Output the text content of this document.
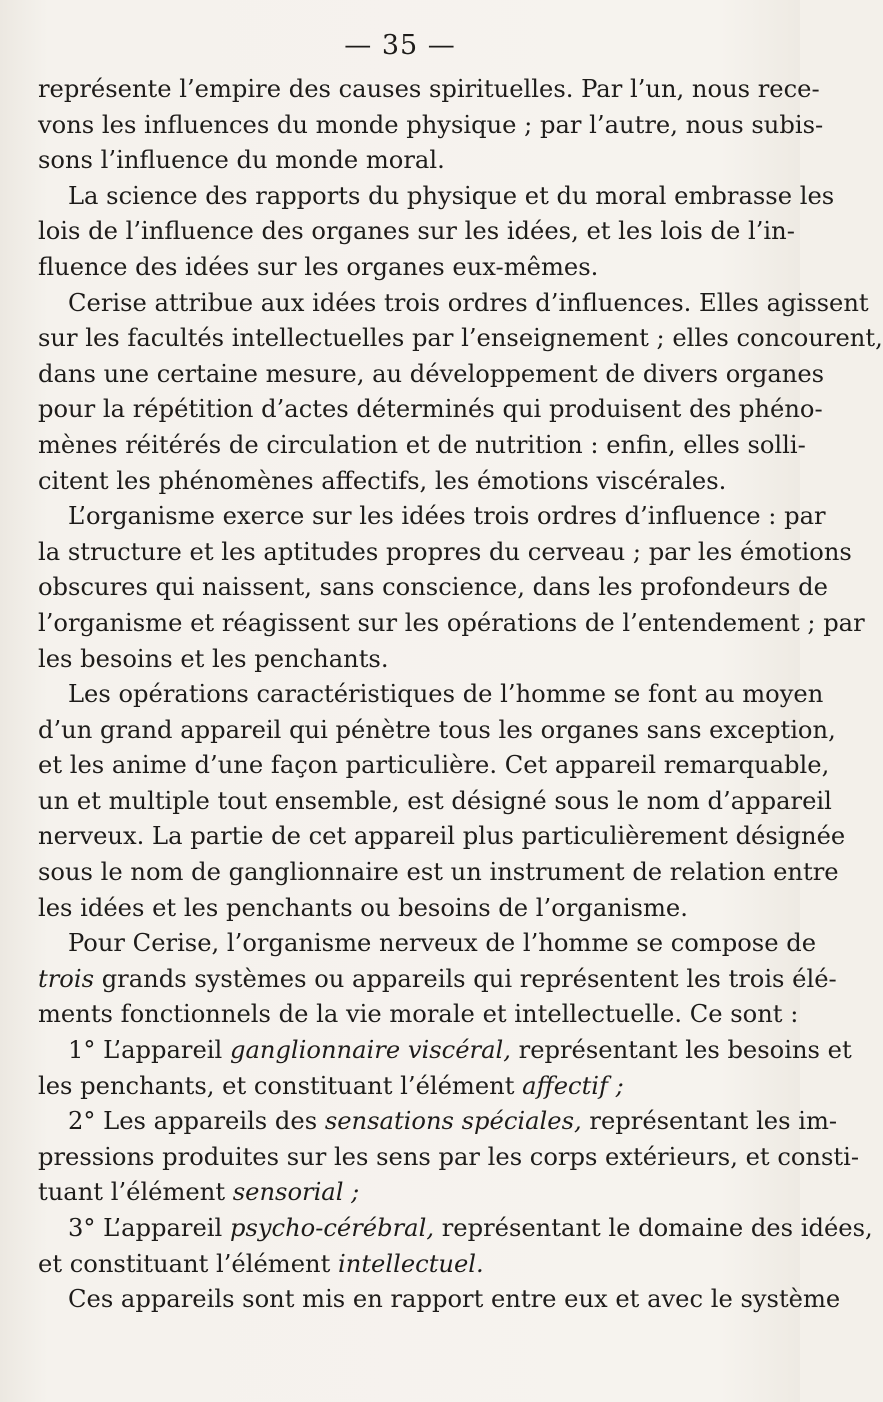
— 35 —
représente l’empire des causes spirituelles. Par l’un, nous rece-
vons les influences du monde physique ; par l’autre, nous subis-
sons l’influence du monde moral.
La science des rapports du physique et du moral embrasse les
lois de l’influence des organes sur les idées, et les lois de l’in-
fluence des idées sur les organes eux-mêmes.
Cerise attribue aux idées trois ordres d’influences. Elles agissent
sur les facultés intellectuelles par l’enseignement ; elles concourent,
dans une certaine mesure, au développement de divers organes
pour la répétition d’actes déterminés qui produisent des phéno-
mènes réitérés de circulation et de nutrition : enfin, elles solli-
citent les phénomènes affectifs, les émotions viscérales.
L’organisme exerce sur les idées trois ordres d’influence : par
la structure et les aptitudes propres du cerveau ; par les émotions
obscures qui naissent, sans conscience, dans les profondeurs de
l’organisme et réagissent sur les opérations de l’entendement ; par
les besoins et les penchants.
Les opérations caractéristiques de l’homme se font au moyen
d’un grand appareil qui pénètre tous les organes sans exception,
et les anime d’une façon particulière. Cet appareil remarquable,
un et multiple tout ensemble, est désigné sous le nom d’appareil
nerveux. La partie de cet appareil plus particulièrement désignée
sous le nom de ganglionnaire est un instrument de relation entre
les idées et les penchants ou besoins de l’organisme.
Pour Cerise, l’organisme nerveux de l’homme se compose de
trois grands systèmes ou appareils qui représentent les trois élé-
ments fonctionnels de la vie morale et intellectuelle. Ce sont :
1° L’appareil ganglionnaire viscéral, représentant les besoins et
les penchants, et constituant l’élément affectif ;
2° Les appareils des sensations spéciales, représentant les im-
pressions produites sur les sens par les corps extérieurs, et consti-
tuant l’élément sensorial ;
3° L’appareil psycho-cérébral, représentant le domaine des idées,
et constituant l’élément intellectuel.
Ces appareils sont mis en rapport entre eux et avec le système
